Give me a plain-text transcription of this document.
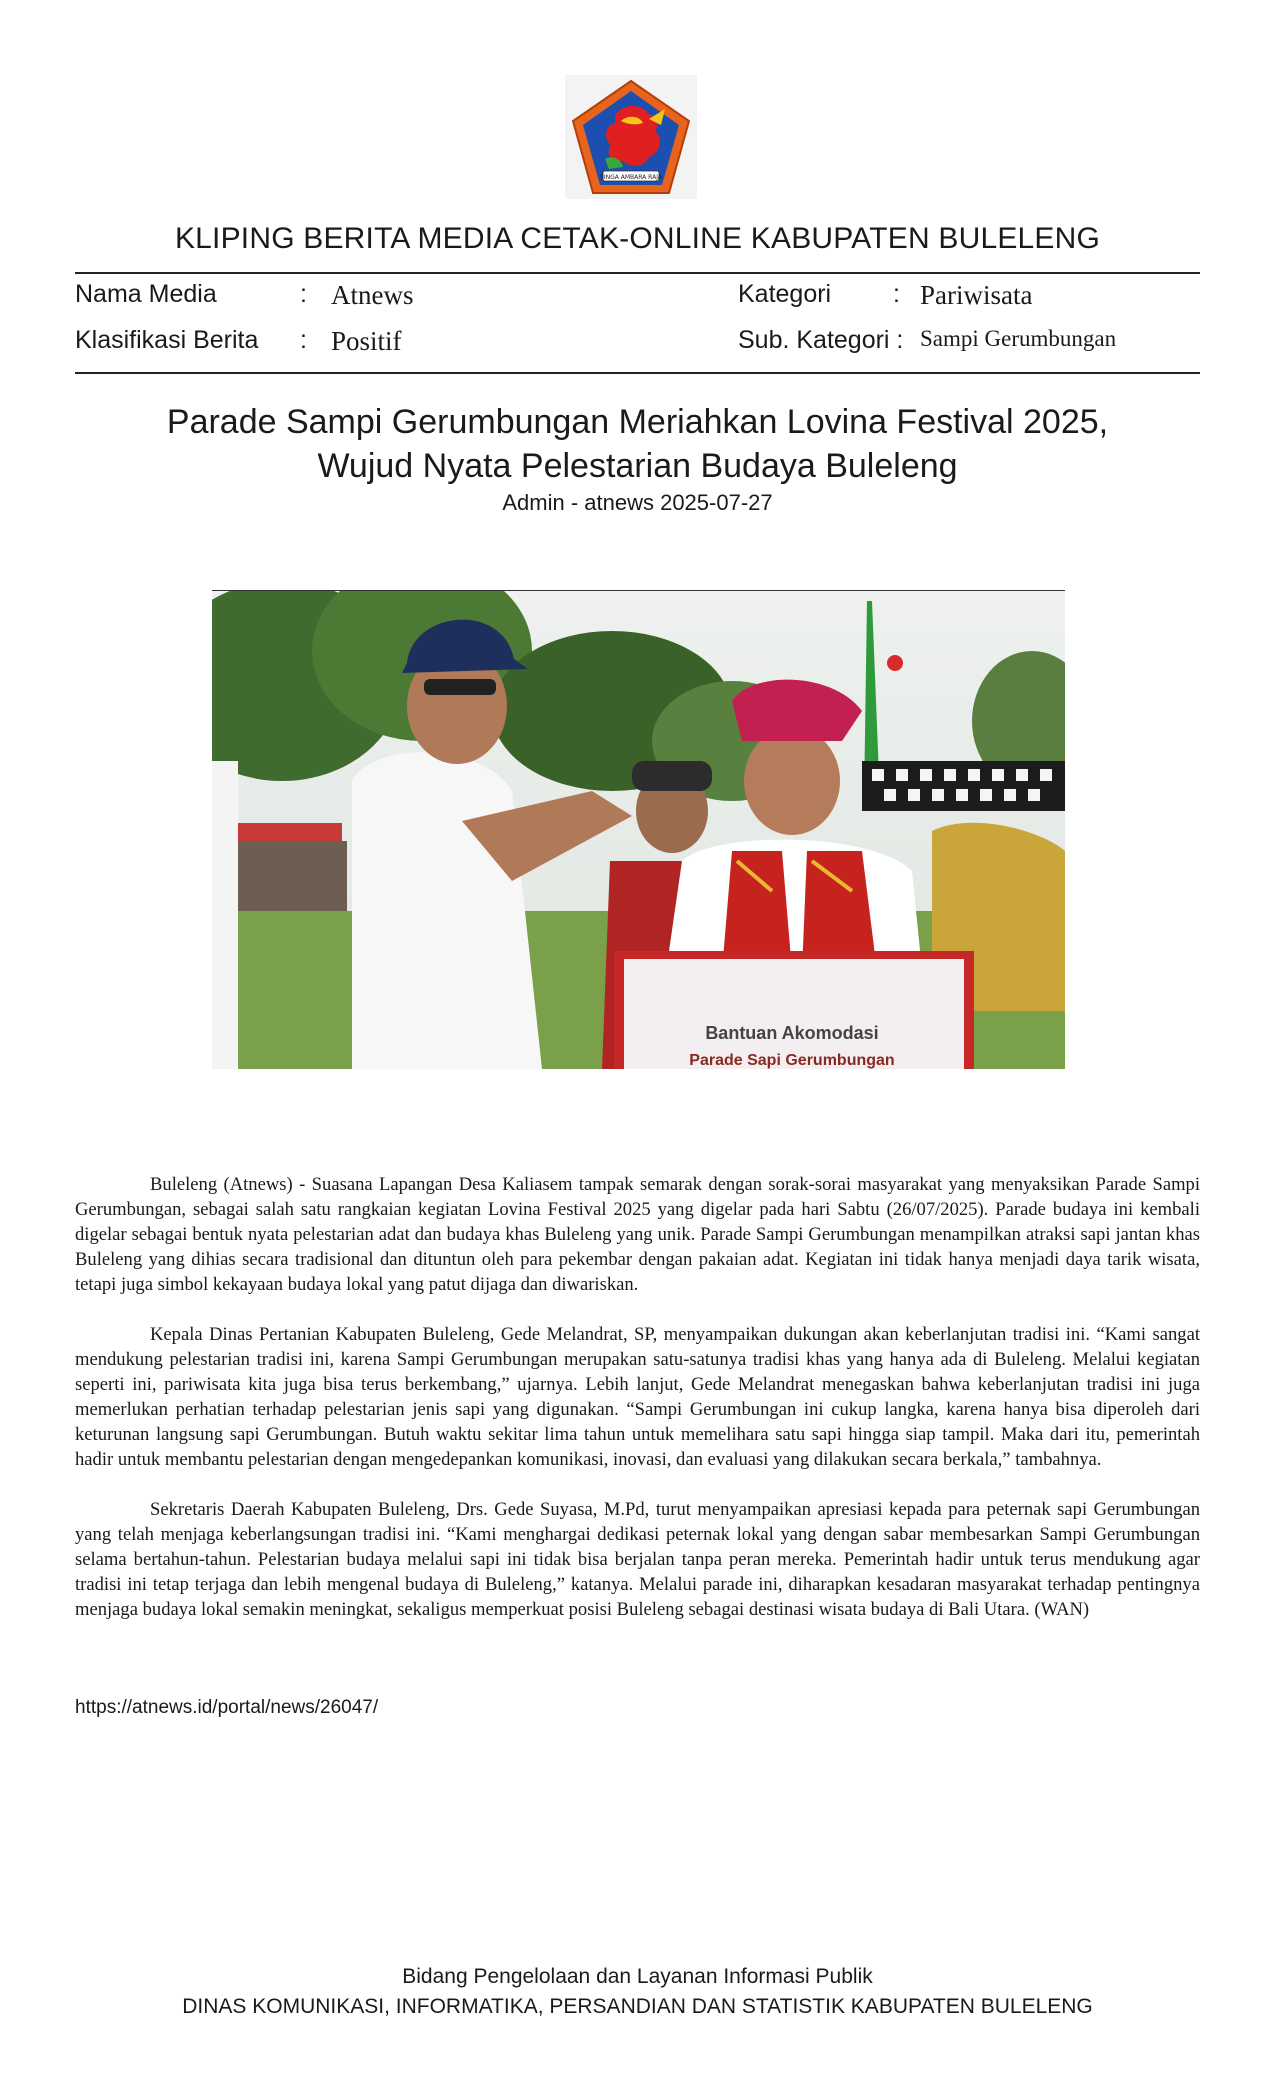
SINGA AMBARA RAJA
KLIPING BERITA MEDIA CETAK-ONLINE KABUPATEN BULELENG
Nama Media	: Atnews
Klasifikasi Berita : Positif
Kategori : Pariwisata
Sub. Kategori : Sampi Gerumbungan
Parade Sampi Gerumbungan Meriahkan Lovina Festival 2025,
Wujud Nyata Pelestarian Budaya Buleleng
Admin - atnews 2025-07-27
Bantuan Akomodasi
Parade Sapi Gerumbungan

Buleleng (Atnews) - Suasana Lapangan Desa Kaliasem tampak semarak dengan sorak-sorai masyarakat yang menyaksikan Parade Sampi Gerumbungan, sebagai salah satu rangkaian kegiatan Lovina Festival 2025 yang digelar pada hari Sabtu (26/07/2025). Parade budaya ini kembali digelar sebagai bentuk nyata pelestarian adat dan budaya khas Buleleng yang unik. Parade Sampi Gerumbungan menampilkan atraksi sapi jantan khas Buleleng yang dihias secara tradisional dan dituntun oleh para pekembar dengan pakaian adat. Kegiatan ini tidak hanya menjadi daya tarik wisata, tetapi juga simbol kekayaan budaya lokal yang patut dijaga dan diwariskan.

Kepala Dinas Pertanian Kabupaten Buleleng, Gede Melandrat, SP, menyampaikan dukungan akan keberlanjutan tradisi ini. “Kami sangat mendukung pelestarian tradisi ini, karena Sampi Gerumbungan merupakan satu-satunya tradisi khas yang hanya ada di Buleleng. Melalui kegiatan seperti ini, pariwisata kita juga bisa terus berkembang,” ujarnya. Lebih lanjut, Gede Melandrat menegaskan bahwa keberlanjutan tradisi ini juga memerlukan perhatian terhadap pelestarian jenis sapi yang digunakan. “Sampi Gerumbungan ini cukup langka, karena hanya bisa diperoleh dari keturunan langsung sapi Gerumbungan. Butuh waktu sekitar lima tahun untuk memelihara satu sapi hingga siap tampil. Maka dari itu, pemerintah hadir untuk membantu pelestarian dengan mengedepankan komunikasi, inovasi, dan evaluasi yang dilakukan secara berkala,” tambahnya.

Sekretaris Daerah Kabupaten Buleleng, Drs. Gede Suyasa, M.Pd, turut menyampaikan apresiasi kepada para peternak sapi Gerumbungan yang telah menjaga keberlangsungan tradisi ini. “Kami menghargai dedikasi peternak lokal yang dengan sabar membesarkan Sampi Gerumbungan selama bertahun-tahun. Pelestarian budaya melalui sapi ini tidak bisa berjalan tanpa peran mereka. Pemerintah hadir untuk terus mendukung agar tradisi ini tetap terjaga dan lebih mengenal budaya di Buleleng,” katanya. Melalui parade ini, diharapkan kesadaran masyarakat terhadap pentingnya menjaga budaya lokal semakin meningkat, sekaligus memperkuat posisi Buleleng sebagai destinasi wisata budaya di Bali Utara. (WAN)

https://atnews.id/portal/news/26047/
Bidang Pengelolaan dan Layanan Informasi Publik
DINAS KOMUNIKASI, INFORMATIKA, PERSANDIAN DAN STATISTIK KABUPATEN BULELENG
